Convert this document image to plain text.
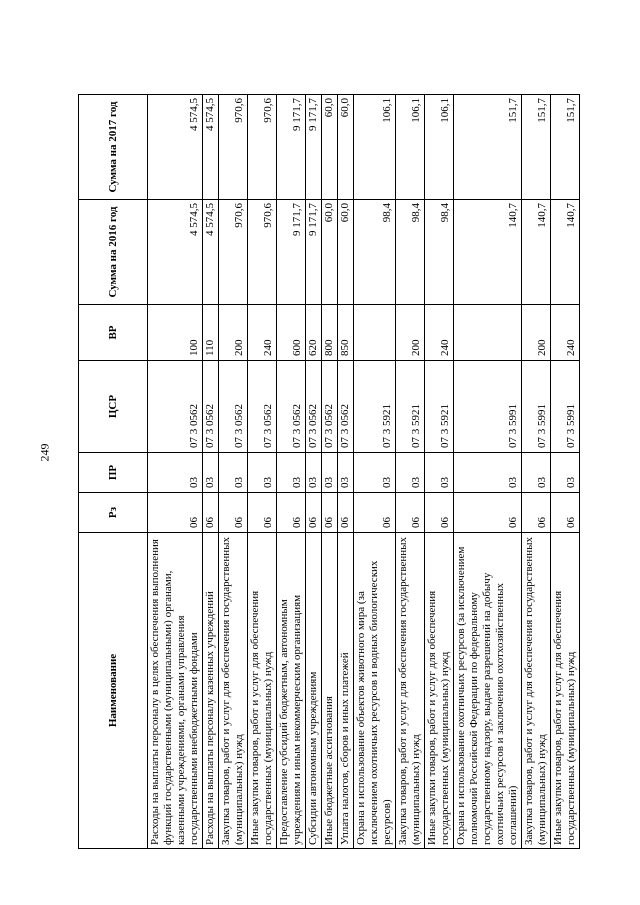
249
Наименование	Рз	ПР	ЦСР	ВР	Сумма на 2016 год	Сумма на 2017 год
Расходы на выплаты персоналу в целях обеспечения выполнения функций государственными (муниципальными) органами, казенными учреждениями, органами управления государственными внебюджетными фондами	06	03	07 3 0562	100	4 574,5	4 574,5
Расходы на выплаты персоналу казенных учреждений	06	03	07 3 0562	110	4 574,5	4 574,5
Закупка товаров, работ и услуг для обеспечения государственных (муниципальных) нужд	06	03	07 3 0562	200	970,6	970,6
Иные закупки товаров, работ и услуг для обеспечения государственных (муниципальных) нужд	06	03	07 3 0562	240	970,6	970,6
Предоставление субсидий бюджетным, автономным учреждениям и иным некоммерческим организациям	06	03	07 3 0562	600	9 171,7	9 171,7
Субсидии автономным учреждениям	06	03	07 3 0562	620	9 171,7	9 171,7
Иные бюджетные ассигнования	06	03	07 3 0562	800	60,0	60,0
Уплата налогов, сборов и иных платежей	06	03	07 3 0562	850	60,0	60,0
Охрана и использование объектов животного мира (за исключением охотничьих ресурсов и водных биологических ресурсов)	06	03	07 3 5921		98,4	106,1
Закупка товаров, работ и услуг для обеспечения государственных (муниципальных) нужд	06	03	07 3 5921	200	98,4	106,1
Иные закупки товаров, работ и услуг для обеспечения государственных (муниципальных) нужд	06	03	07 3 5921	240	98,4	106,1
Охрана и использование охотничьих ресурсов (за исключением полномочий Российской Федерации по федеральному государственному надзору, выдаче разрешений на добычу охотничьих ресурсов и заключению охотхозяйственных соглашений)	06	03	07 3 5991		140,7	151,7
Закупка товаров, работ и услуг для обеспечения государственных (муниципальных) нужд	06	03	07 3 5991	200	140,7	151,7
Иные закупки товаров, работ и услуг для обеспечения государственных (муниципальных) нужд	06	03	07 3 5991	240	140,7	151,7
